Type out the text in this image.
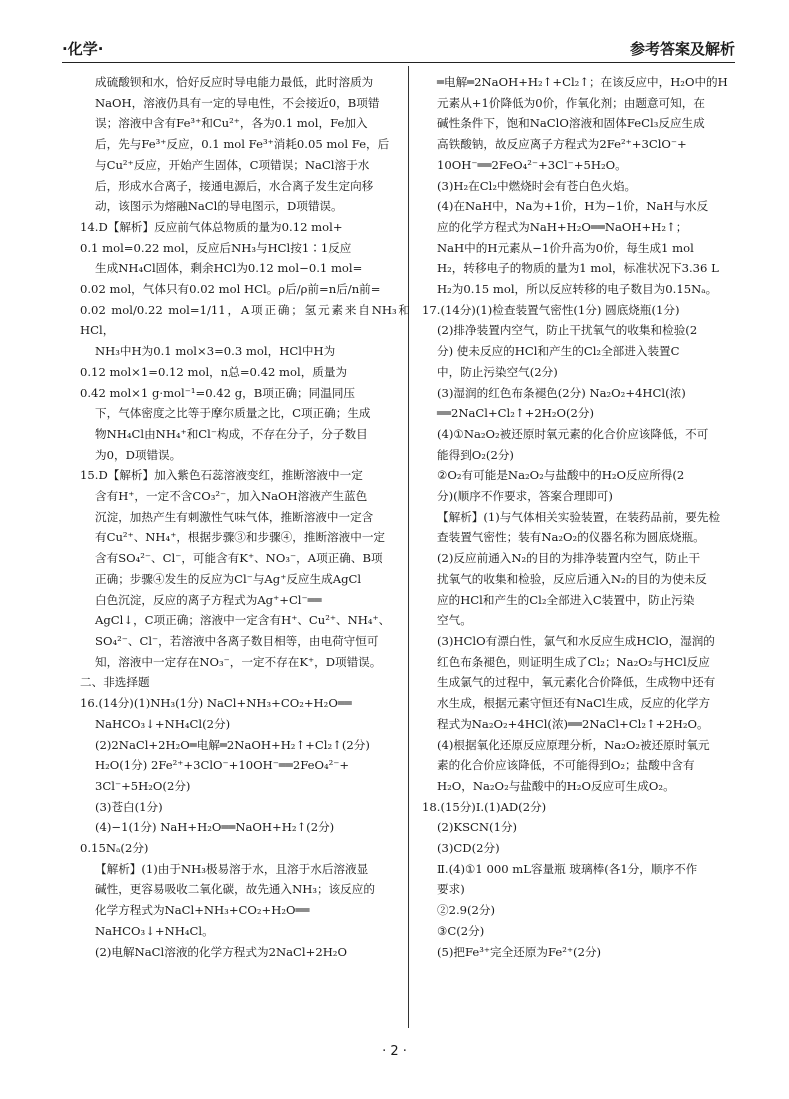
·化学·	参考答案及解析

成硫酸钡和水，恰好反应时导电能力最低，此时溶质为

NaOH，溶液仍具有一定的导电性，不会接近0，B项错

误；溶液中含有Fe³⁺和Cu²⁺，各为0.1 mol，Fe加入

后，先与Fe³⁺反应，0.1 mol Fe³⁺消耗0.05 mol Fe，后

与Cu²⁺反应，开始产生固体，C项错误；NaCl溶于水

后，形成水合离子，接通电源后，水合离子发生定向移

动，该图示为熔融NaCl的导电图示，D项错误。

14.D【解析】反应前气体总物质的量为0.12 mol+

0.1 mol=0.22 mol，反应后NH₃与HCl按1∶1反应

生成NH₄Cl固体，剩余HCl为0.12 mol−0.1 mol=

0.02 mol，气体只有0.02 mol HCl。ρ后/ρ前=n后/n前=

0.02 mol/0.22 mol=1/11，A项正确；氢元素来自NH₃和HCl，

NH₃中H为0.1 mol×3=0.3 mol，HCl中H为

0.12 mol×1=0.12 mol，n总=0.42 mol，质量为

0.42 mol×1 g·mol⁻¹=0.42 g，B项正确；同温同压

下，气体密度之比等于摩尔质量之比，C项正确；生成

物NH₄Cl由NH₄⁺和Cl⁻构成，不存在分子，分子数目

为0，D项错误。

15.D【解析】加入紫色石蕊溶液变红，推断溶液中一定

含有H⁺，一定不含CO₃²⁻，加入NaOH溶液产生蓝色

沉淀，加热产生有刺激性气味气体，推断溶液中一定含

有Cu²⁺、NH₄⁺，根据步骤③和步骤④，推断溶液中一定

含有SO₄²⁻、Cl⁻，可能含有K⁺、NO₃⁻，A项正确、B项

正确；步骤④发生的反应为Cl⁻与Ag⁺反应生成AgCl

白色沉淀，反应的离子方程式为Ag⁺+Cl⁻══

AgCl↓，C项正确；溶液中一定含有H⁺、Cu²⁺、NH₄⁺、

SO₄²⁻、Cl⁻，若溶液中各离子数目相等，由电荷守恒可

知，溶液中一定存在NO₃⁻，一定不存在K⁺，D项错误。

二、非选择题

16.(14分)(1)NH₃(1分) NaCl+NH₃+CO₂+H₂O══

NaHCO₃↓+NH₄Cl(2分)

(2)2NaCl+2H₂O═电解═2NaOH+H₂↑+Cl₂↑(2分)

H₂O(1分) 2Fe²⁺+3ClO⁻+10OH⁻══2FeO₄²⁻+

3Cl⁻+5H₂O(2分)

(3)苍白(1分)

(4)−1(1分) NaH+H₂O══NaOH+H₂↑(2分)

0.15Nₐ(2分)

【解析】(1)由于NH₃极易溶于水，且溶于水后溶液显

碱性，更容易吸收二氧化碳，故先通入NH₃；该反应的

化学方程式为NaCl+NH₃+CO₂+H₂O══

NaHCO₃↓+NH₄Cl。

(2)电解NaCl溶液的化学方程式为2NaCl+2H₂O

═电解═2NaOH+H₂↑+Cl₂↑；在该反应中，H₂O中的H

元素从+1价降低为0价，作氧化剂；由题意可知，在

碱性条件下，饱和NaClO溶液和固体FeCl₃反应生成

高铁酸钠，故反应离子方程式为2Fe²⁺+3ClO⁻+

10OH⁻══2FeO₄²⁻+3Cl⁻+5H₂O。

(3)H₂在Cl₂中燃烧时会有苍白色火焰。

(4)在NaH中，Na为+1价，H为−1价，NaH与水反

应的化学方程式为NaH+H₂O══NaOH+H₂↑；

NaH中的H元素从−1价升高为0价，每生成1 mol

H₂，转移电子的物质的量为1 mol，标准状况下3.36 L

H₂为0.15 mol，所以反应转移的电子数目为0.15Nₐ。

17.(14分)(1)检查装置气密性(1分) 圆底烧瓶(1分)

(2)排净装置内空气，防止干扰氧气的收集和检验(2

分) 使未反应的HCl和产生的Cl₂全部进入装置C

中，防止污染空气(2分)

(3)湿润的红色布条褪色(2分) Na₂O₂+4HCl(浓)

══2NaCl+Cl₂↑+2H₂O(2分)

(4)①Na₂O₂被还原时氧元素的化合价应该降低，不可

能得到O₂(2分)

②O₂有可能是Na₂O₂与盐酸中的H₂O反应所得(2

分)(顺序不作要求，答案合理即可)

【解析】(1)与气体相关实验装置，在装药品前，要先检

查装置气密性；装有Na₂O₂的仪器名称为圆底烧瓶。

(2)反应前通入N₂的目的为排净装置内空气，防止干

扰氧气的收集和检验，反应后通入N₂的目的为使未反

应的HCl和产生的Cl₂全部进入C装置中，防止污染

空气。

(3)HClO有漂白性，氯气和水反应生成HClO，湿润的

红色布条褪色，则证明生成了Cl₂；Na₂O₂与HCl反应

生成氯气的过程中，氧元素化合价降低，生成物中还有

水生成，根据元素守恒还有NaCl生成，反应的化学方

程式为Na₂O₂+4HCl(浓)══2NaCl+Cl₂↑+2H₂O。

(4)根据氧化还原反应原理分析，Na₂O₂被还原时氧元

素的化合价应该降低，不可能得到O₂；盐酸中含有

H₂O，Na₂O₂与盐酸中的H₂O反应可生成O₂。

18.(15分)Ⅰ.(1)AD(2分)

(2)KSCN(1分)

(3)CD(2分)

Ⅱ.(4)①1 000 mL容量瓶 玻璃棒(各1分，顺序不作

要求)

②2.9(2分)

③C(2分)

(5)把Fe³⁺完全还原为Fe²⁺(2分)

· 2 ·
